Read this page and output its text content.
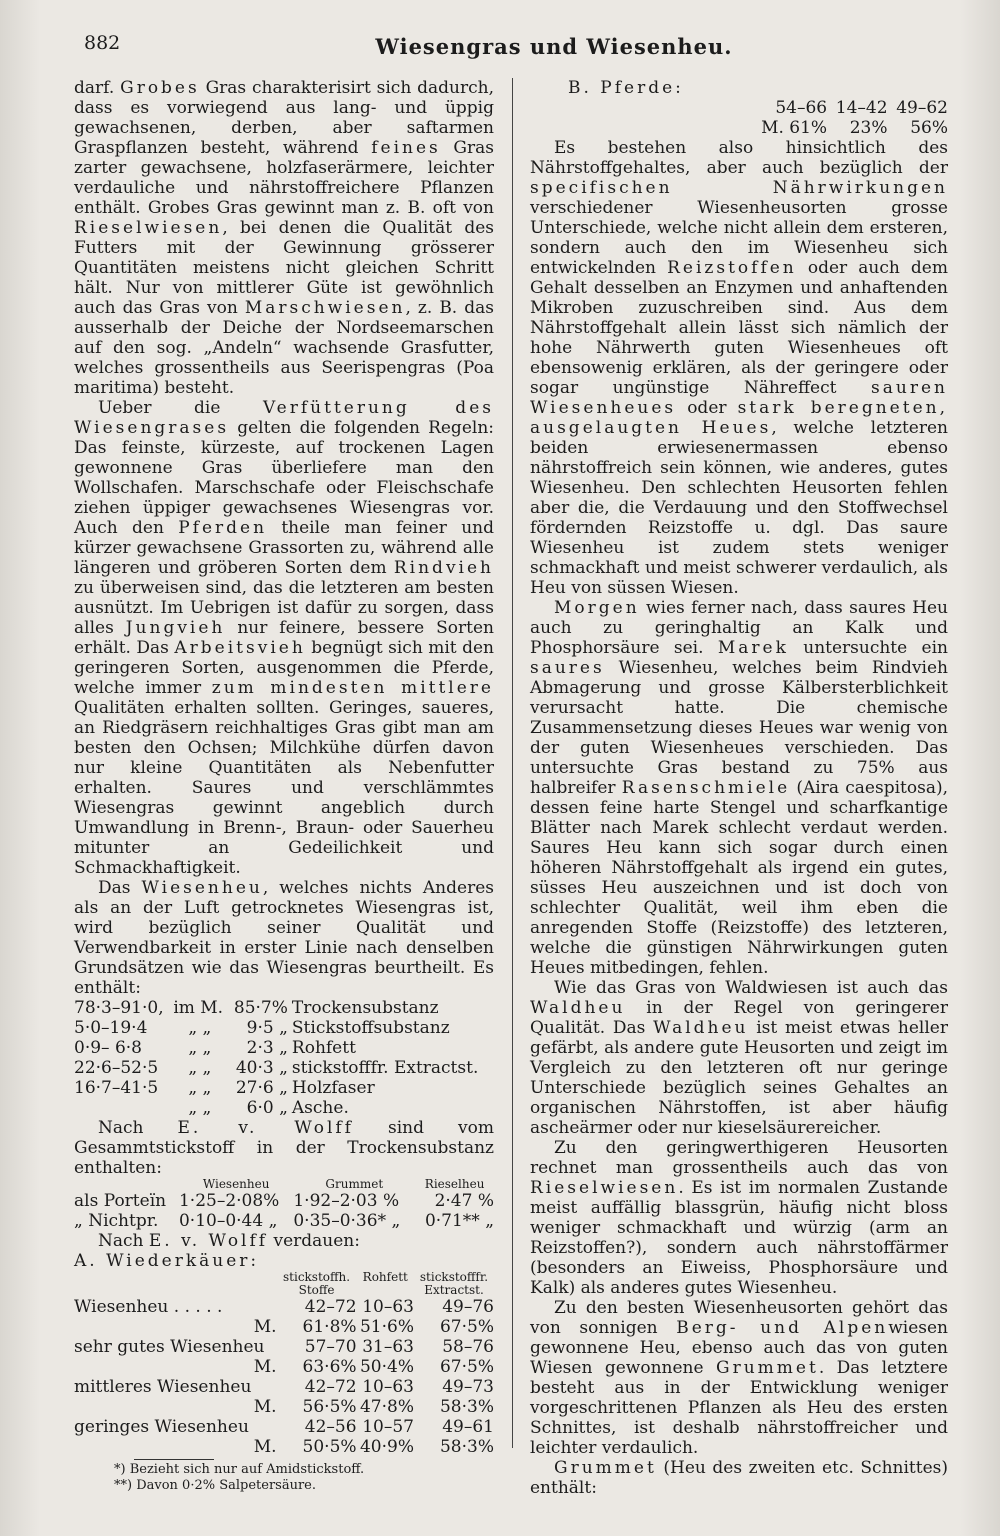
882	Wiesengras und Wiesenheu.

darf. Grobes Gras charakterisirt sich dadurch, dass es vorwiegend aus lang- und üppig gewachsenen, derben, aber saftarmen Graspflanzen besteht, während feines Gras zarter gewachsene, holzfaserärmere, leichter verdauliche und nährstoffreichere Pflanzen enthält. Grobes Gras gewinnt man z. B. oft von Rieselwiesen, bei denen die Qualität des Futters mit der Gewinnung grösserer Quantitäten meistens nicht gleichen Schritt hält. Nur von mittlerer Güte ist gewöhnlich auch das Gras von Marschwiesen, z. B. das ausserhalb der Deiche der Nordseemarschen auf den sog. „Andeln“ wachsende Grasfutter, welches grossentheils aus Seerispengras (Poa maritima) besteht.

Ueber die Verfütterung des Wiesengrases gelten die folgenden Regeln: Das feinste, kürzeste, auf trockenen Lagen gewonnene Gras überliefere man den Wollschafen. Marschschafe oder Fleischschafe ziehen üppiger gewachsenes Wiesengras vor. Auch den Pferden theile man feiner und kürzer gewachsene Grassorten zu, während alle längeren und gröberen Sorten dem Rindvieh zu überweisen sind, das die letzteren am besten ausnützt. Im Uebrigen ist dafür zu sorgen, dass alles Jungvieh nur feinere, bessere Sorten erhält. Das Arbeitsvieh begnügt sich mit den geringeren Sorten, ausgenommen die Pferde, welche immer zum mindesten mittlere Qualitäten erhalten sollten. Geringes, saueres, an Riedgräsern reichhaltiges Gras gibt man am besten den Ochsen; Milchkühe dürfen davon nur kleine Quantitäten als Nebenfutter erhalten. Saures und verschlämmtes Wiesengras gewinnt angeblich durch Umwandlung in Brenn-, Braun- oder Sauerheu mitunter an Gedeilichkeit und Schmackhaftigkeit.

Das Wiesenheu, welches nichts Anderes als an der Luft getrocknetes Wiesengras ist, wird bezüglich seiner Qualität und Verwendbarkeit in erster Linie nach denselben Grundsätzen wie das Wiesengras beurtheilt. Es enthält:

78·3–91·0,	im M.	85·7%	Trockensubstanz
5·0–19·4	„ „	9·5 „	Stickstoffsubstanz
0·9– 6·8	„ „	2·3 „	Rohfett
22·6–52·5	„ „	40·3 „	stickstofffr. Extractst.
16·7–41·5	„ „	27·6 „	Holzfaser
	„ „	6·0 „	Asche.

Nach E. v. Wolff sind vom Gesammtstickstoff in der Trockensubstanz enthalten:

	Wiesenheu	Grummet	Rieselheu
als Porteïn	1·25–2·08%	1·92–2·03 %	2·47 %
„ Nichtpr.	0·10–0·44 „	0·35–0·36* „	0·71** „

Nach E. v. Wolff verdauen:

A. Wiederkäuer:

	stickstoffh. Stoffe	Rohfett	stickstofffr. Extractst.
Wiesenheu . . . . .	42–72	10–63	49–76
M.	61·8%	51·6%	67·5%
sehr gutes Wiesenheu	57–70	31–63	58–76
M.	63·6%	50·4%	67·5%
mittleres Wiesenheu	42–72	10–63	49–73
M.	56·5%	47·8%	58·3%
geringes Wiesenheu	42–56	10–57	49–61
M.	50·5%	40·9%	58·3%
*) Bezieht sich nur auf Amidstickstoff.
**) Davon 0·2% Salpetersäure.

B. Pferde:

	54–66	14–42	49–62
	M. 61%	23%	56%

Es bestehen also hinsichtlich des Nährstoffgehaltes, aber auch bezüglich der specifischen Nährwirkungen verschiedener Wiesenheusorten grosse Unterschiede, welche nicht allein dem ersteren, sondern auch den im Wiesenheu sich entwickelnden Reizstoffen oder auch dem Gehalt desselben an Enzymen und anhaftenden Mikroben zuzuschreiben sind. Aus dem Nährstoffgehalt allein lässt sich nämlich der hohe Nährwerth guten Wiesenheues oft ebensowenig erklären, als der geringere oder sogar ungünstige Nähreffect sauren Wiesenheues oder stark beregneten, ausgelaugten Heues, welche letzteren beiden erwiesenermassen ebenso nährstoffreich sein können, wie anderes, gutes Wiesenheu. Den schlechten Heusorten fehlen aber die, die Verdauung und den Stoffwechsel fördernden Reizstoffe u. dgl. Das saure Wiesenheu ist zudem stets weniger schmackhaft und meist schwerer verdaulich, als Heu von süssen Wiesen.

Morgen wies ferner nach, dass saures Heu auch zu geringhaltig an Kalk und Phosphorsäure sei. Marek untersuchte ein saures Wiesenheu, welches beim Rindvieh Abmagerung und grosse Kälbersterblichkeit verursacht hatte. Die chemische Zusammensetzung dieses Heues war wenig von der guten Wiesenheues verschieden. Das untersuchte Gras bestand zu 75% aus halbreifer Rasenschmiele (Aira caespitosa), dessen feine harte Stengel und scharfkantige Blätter nach Marek schlecht verdaut werden. Saures Heu kann sich sogar durch einen höheren Nährstoffgehalt als irgend ein gutes, süsses Heu auszeichnen und ist doch von schlechter Qualität, weil ihm eben die anregenden Stoffe (Reizstoffe) des letzteren, welche die günstigen Nährwirkungen guten Heues mitbedingen, fehlen.

Wie das Gras von Waldwiesen ist auch das Waldheu in der Regel von geringerer Qualität. Das Waldheu ist meist etwas heller gefärbt, als andere gute Heusorten und zeigt im Vergleich zu den letzteren oft nur geringe Unterschiede bezüglich seines Gehaltes an organischen Nährstoffen, ist aber häufig ascheärmer oder nur kieselsäurereicher.

Zu den geringwerthigeren Heusorten rechnet man grossentheils auch das von Rieselwiesen. Es ist im normalen Zustande meist auffällig blassgrün, häufig nicht bloss weniger schmackhaft und würzig (arm an Reizstoffen?), sondern auch nährstoffärmer (besonders an Eiweiss, Phosphorsäure und Kalk) als anderes gutes Wiesenheu.

Zu den besten Wiesenheusorten gehört das von sonnigen Berg- und Alpenwiesen gewonnene Heu, ebenso auch das von guten Wiesen gewonnene Grummet. Das letztere besteht aus in der Entwicklung weniger vorgeschrittenen Pflanzen als Heu des ersten Schnittes, ist deshalb nährstoffreicher und leichter verdaulich.

Grummet (Heu des zweiten etc. Schnittes) enthält:
